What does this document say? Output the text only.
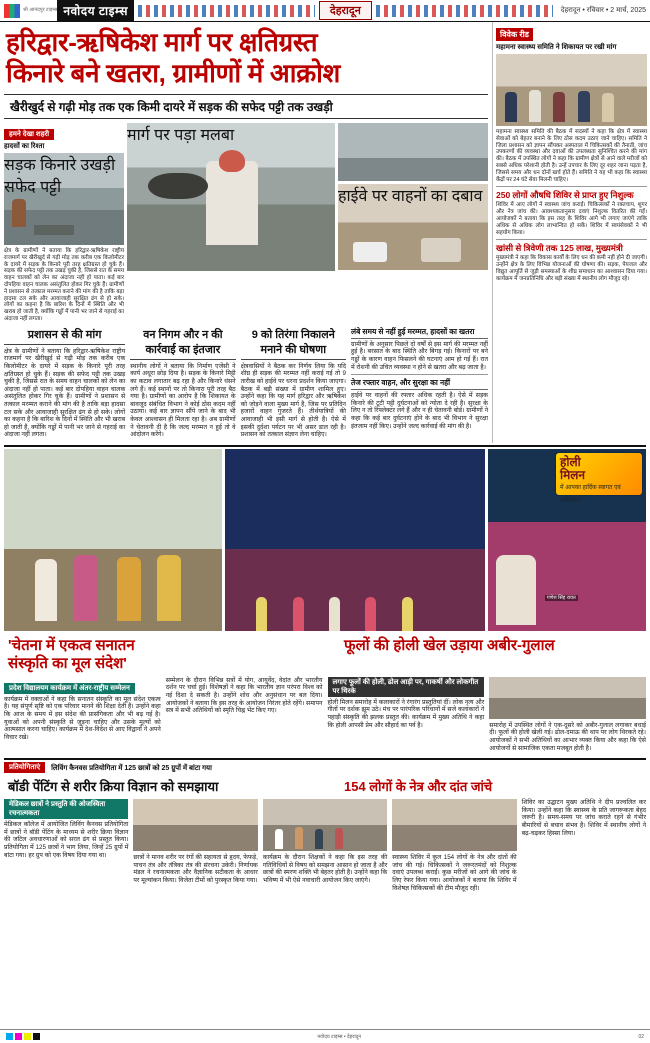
श्री आनंदपुर टाइम्स नवोदय टाइम्स	देहरादून	देहरादून • रविवार • 2 मार्च, 2025
हरिद्वार-ऋषिकेश मार्ग पर क्षतिग्रस्त
किनारे बने खतरा, ग्रामीणों में आक्रोश
खैरीखुर्द से गढ़ी मोड़ तक एक किमी दायरे में सड़क की सफेद पट्टी तक उखड़ी
हमने देखा शहरी
हादसों का रिश्ता
सड़क किनारे उखड़ी सफेद पट्टी
क्षेत्र के ग्रामीणों ने बताया कि हरिद्वार-ऋषिकेश राष्ट्रीय राजमार्ग पर खैरीखुर्द से गढ़ी मोड़ तक करीब एक किलोमीटर के दायरे में सड़क के किनारे पूरी तरह क्षतिग्रस्त हो चुके हैं। सड़क की सफेद पट्टी तक उखड़ चुकी है, जिससे रात के समय वाहन चालकों को लेन का अंदाजा नहीं हो पाता। कई बार दोपहिया वाहन चालक असंतुलित होकर गिर चुके हैं। ग्रामीणों ने प्रशासन से तत्काल मरम्मत कराने की मांग की है ताकि बड़ा हादसा टल सके और आवाजाही सुरक्षित ढंग से हो सके। लोगों का कहना है कि बारिश के दिनों में स्थिति और भी खराब हो जाती है, क्योंकि गड्ढों में पानी भर जाने से गहराई का अंदाजा नहीं लगता।
मार्ग पर पड़ा मलबा
हाईवे पर वाहनों का दबाव
प्रशासन से की मांग
क्षेत्र के ग्रामीणों ने बताया कि हरिद्वार-ऋषिकेश राष्ट्रीय राजमार्ग पर खैरीखुर्द से गढ़ी मोड़ तक करीब एक किलोमीटर के दायरे में सड़क के किनारे पूरी तरह क्षतिग्रस्त हो चुके हैं। सड़क की सफेद पट्टी तक उखड़ चुकी है, जिससे रात के समय वाहन चालकों को लेन का अंदाजा नहीं हो पाता। कई बार दोपहिया वाहन चालक असंतुलित होकर गिर चुके हैं। ग्रामीणों ने प्रशासन से तत्काल मरम्मत कराने की मांग की है ताकि बड़ा हादसा टल सके और आवाजाही सुरक्षित ढंग से हो सके। लोगों का कहना है कि बारिश के दिनों में स्थिति और भी खराब हो जाती है, क्योंकि गड्ढों में पानी भर जाने से गहराई का अंदाजा नहीं लगता।
वन निगम और न की कार्रवाई का इंतजार
स्थानीय लोगों ने बताया कि निर्माण एजेंसी ने कार्य अधूरा छोड़ दिया है। सड़क के किनारे मिट्टी का कटाव लगातार बढ़ रहा है और किनारे धंसने लगे हैं। कई स्थानों पर तो किनारा पूरी तरह बैठ गया है। ग्रामीणों का आरोप है कि शिकायत के बावजूद संबंधित विभाग ने कोई ठोस कदम नहीं उठाया। कई बार ज्ञापन सौंपे जाने के बाद भी केवल आश्वासन ही मिलता रहा है। अब ग्रामीणों ने चेतावनी दी है कि जल्द मरम्मत न हुई तो वे आंदोलन करेंगे।
9 को तिरंगा निकालने मनाने की घोषणा
क्षेत्रवासियों ने बैठक कर निर्णय लिया कि यदि शीघ्र ही सड़क की मरम्मत नहीं कराई गई तो 9 तारीख को हाईवे पर धरना प्रदर्शन किया जाएगा। बैठक में बड़ी संख्या में ग्रामीण शामिल हुए। उन्होंने कहा कि यह मार्ग हरिद्वार और ऋषिकेश को जोड़ने वाला मुख्य मार्ग है, जिस पर प्रतिदिन हजारों वाहन गुजरते हैं। तीर्थयात्रियों की आवाजाही भी इसी मार्ग से होती है। ऐसे में इसकी दुर्दशा पर्यटन पर भी असर डाल रही है। प्रशासन को तत्काल संज्ञान लेना चाहिए।
लंबे समय से नहीं हुई मरम्मत, हादसों का खतरा
ग्रामीणों के अनुसार पिछले दो वर्षों से इस मार्ग की मरम्मत नहीं हुई है। बरसात के बाद स्थिति और बिगड़ गई। किनारों पर बने गड्ढों के कारण वाहन फिसलने की घटनाएं आम हो गई हैं। रात में रोशनी की उचित व्यवस्था न होने से खतरा और बढ़ जाता है।
तेज रफ्तार वाहन, और सुरक्षा का नहीं
हाईवे पर वाहनों की रफ्तार अधिक रहती है। ऐसे में सड़क किनारे की टूटी पट्टी दुर्घटनाओं को न्योता दे रही है। सुरक्षा के लिए न तो रिफ्लेक्टर लगे हैं और न ही चेतावनी बोर्ड। ग्रामीणों ने कहा कि कई बार दुर्घटनाएं होने के बाद भी विभाग ने सुरक्षा इंतजाम नहीं किए। उन्होंने जल्द कार्रवाई की मांग की है।
विवेक रीड
महामना स्वास्थ्य समिति ने शिकायत पर रखी मांग
महामना स्वास्थ्य समिति की बैठक में सदस्यों ने कहा कि क्षेत्र में स्वास्थ्य सेवाओं को बेहतर बनाने के लिए ठोस कदम उठाए जाने चाहिए। समिति ने जिला प्रशासन को ज्ञापन सौंपकर अस्पताल में चिकित्सकों की तैनाती, जांच उपकरणों की व्यवस्था और दवाओं की उपलब्धता सुनिश्चित करने की मांग की। बैठक में उपस्थित लोगों ने कहा कि ग्रामीण क्षेत्रों से आने वाले मरीजों को सबसे अधिक परेशानी होती है। उन्हें उपचार के लिए दूर शहर जाना पड़ता है, जिससे समय और धन दोनों खर्च होते हैं। समिति ने यह भी कहा कि स्वास्थ्य केंद्रों पर 24 घंटे सेवा मिलनी चाहिए।
250 लोगों औषधि शिविर से प्राप्त हुए निशुल्क
शिविर में आए लोगों ने स्वास्थ्य जांच कराई। चिकित्सकों ने रक्तचाप, शुगर और नेत्र जांच की। आवश्यकतानुसार दवाएं निशुल्क वितरित की गईं। आयोजकों ने बताया कि इस तरह के शिविर आगे भी लगाए जाएंगे ताकि अधिक से अधिक लोग लाभान्वित हो सकें। शिविर में स्वयंसेवकों ने भी सहयोग किया।
खांसी से त्रिवेणी तक 125 लाख, मुख्यमंत्री
मुख्यमंत्री ने कहा कि विकास कार्यों के लिए धन की कमी नहीं होने दी जाएगी। उन्होंने क्षेत्र के लिए विभिन्न योजनाओं की घोषणा की। सड़क, पेयजल और विद्युत आपूर्ति से जुड़ी समस्याओं के शीघ्र समाधान का आश्वासन दिया गया। कार्यक्रम में जनप्रतिनिधि और बड़ी संख्या में स्थानीय लोग मौजूद रहे।
होली
मिलन
में आपका हार्दिक स्वागत एवं अभिनंदन
गणेश सिंह रावत
'चेतना में एकत्व सनातन
संस्कृति का मूल संदेश'
फूलों की होली खेल उड़ाया अबीर-गुलाल
प्रदेश विद्यालयम कार्यक्रम में अंतर-राष्ट्रीय सम्मेलन
कार्यक्रम में वक्ताओं ने कहा कि सनातन संस्कृति का मूल संदेश एकत्व है। यह संपूर्ण सृष्टि को एक परिवार मानने की शिक्षा देती है। उन्होंने कहा कि आज के समय में इस संदेश की प्रासंगिकता और भी बढ़ गई है। युवाओं को अपनी संस्कृति से जुड़ना चाहिए और उसके मूल्यों को आत्मसात करना चाहिए। कार्यक्रम में देश-विदेश से आए विद्वानों ने अपने विचार रखे।
सम्मेलन के दौरान विभिन्न सत्रों में योग, आयुर्वेद, वेदांत और भारतीय दर्शन पर चर्चा हुई। विशेषज्ञों ने कहा कि भारतीय ज्ञान परंपरा विश्व को नई दिशा दे सकती है। उन्होंने शोध और अनुसंधान पर बल दिया। आयोजकों ने बताया कि इस तरह के आयोजन निरंतर होते रहेंगे। समापन सत्र में सभी अतिथियों को स्मृति चिह्न भेंट किए गए।
लगाए फूलों की होली, ढोल आड़ी पर, गाकर्षी और लोकगीत पर थिरके
होली मिलन समारोह में कलाकारों ने रंगारंग प्रस्तुतियां दीं। लोक नृत्य और गीतों पर दर्शक झूम उठे। मंच पर पारंपरिक परिधानों में सजे कलाकारों ने पहाड़ी संस्कृति की झलक प्रस्तुत की। कार्यक्रम में मुख्य अतिथि ने कहा कि होली आपसी प्रेम और सौहार्द का पर्व है।	समारोह में उपस्थित लोगों ने एक-दूसरे को अबीर-गुलाल लगाकर बधाई दी। फूलों की होली खेली गई। ढोल-दमाऊ की थाप पर लोग थिरकते रहे। आयोजकों ने सभी अतिथियों का आभार व्यक्त किया और कहा कि ऐसे आयोजनों से सामाजिक एकता मजबूत होती है।
प्रतियोगिताएं	लिविंग कैनवस प्रतियोगिता में 125 छात्रों को 25 ग्रुपों में बांटा गया
बॉडी पेंटिंग से शरीर क्रिया विज्ञान को समझाया	154 लोगों के नेत्र और दांत जांचे
मेडिकल छात्रों ने प्रस्तुति की ओजस्विता रचनात्मकता
मेडिकल कॉलेज में आयोजित लिविंग कैनवस प्रतियोगिता में छात्रों ने बॉडी पेंटिंग के माध्यम से शरीर क्रिया विज्ञान की जटिल अवधारणाओं को सरल ढंग से प्रस्तुत किया। प्रतियोगिता में 125 छात्रों ने भाग लिया, जिन्हें 25 ग्रुपों में बांटा गया। हर ग्रुप को एक विषय दिया गया था।	छात्रों ने मानव शरीर पर रंगों की सहायता से हृदय, फेफड़े, पाचन तंत्र और तंत्रिका तंत्र की संरचना उकेरी। निर्णायक मंडल ने रचनात्मकता और वैज्ञानिक सटीकता के आधार पर मूल्यांकन किया। विजेता टीमों को पुरस्कृत किया गया।
कार्यक्रम के दौरान शिक्षकों ने कहा कि इस तरह की गतिविधियों से विषय को समझना आसान हो जाता है और छात्रों की स्मरण शक्ति भी बेहतर होती है। उन्होंने कहा कि भविष्य में भी ऐसे नवाचारी आयोजन किए जाएंगे।
स्वास्थ्य शिविर में कुल 154 लोगों के नेत्र और दांतों की जांच की गई। चिकित्सकों ने जरूरतमंदों को निशुल्क दवाएं उपलब्ध कराईं। कुछ मरीजों को आगे की जांच के लिए रेफर किया गया। आयोजकों ने बताया कि शिविर में विशेषज्ञ चिकित्सकों की टीम मौजूद रही।
शिविर का उद्घाटन मुख्य अतिथि ने दीप प्रज्वलित कर किया। उन्होंने कहा कि स्वास्थ्य के प्रति जागरूकता बेहद जरूरी है। समय-समय पर जांच कराते रहने से गंभीर बीमारियों से बचाव संभव है। शिविर में स्थानीय लोगों ने बढ़-चढ़कर हिस्सा लिया।
नवोदय टाइम्स • देहरादून	02
